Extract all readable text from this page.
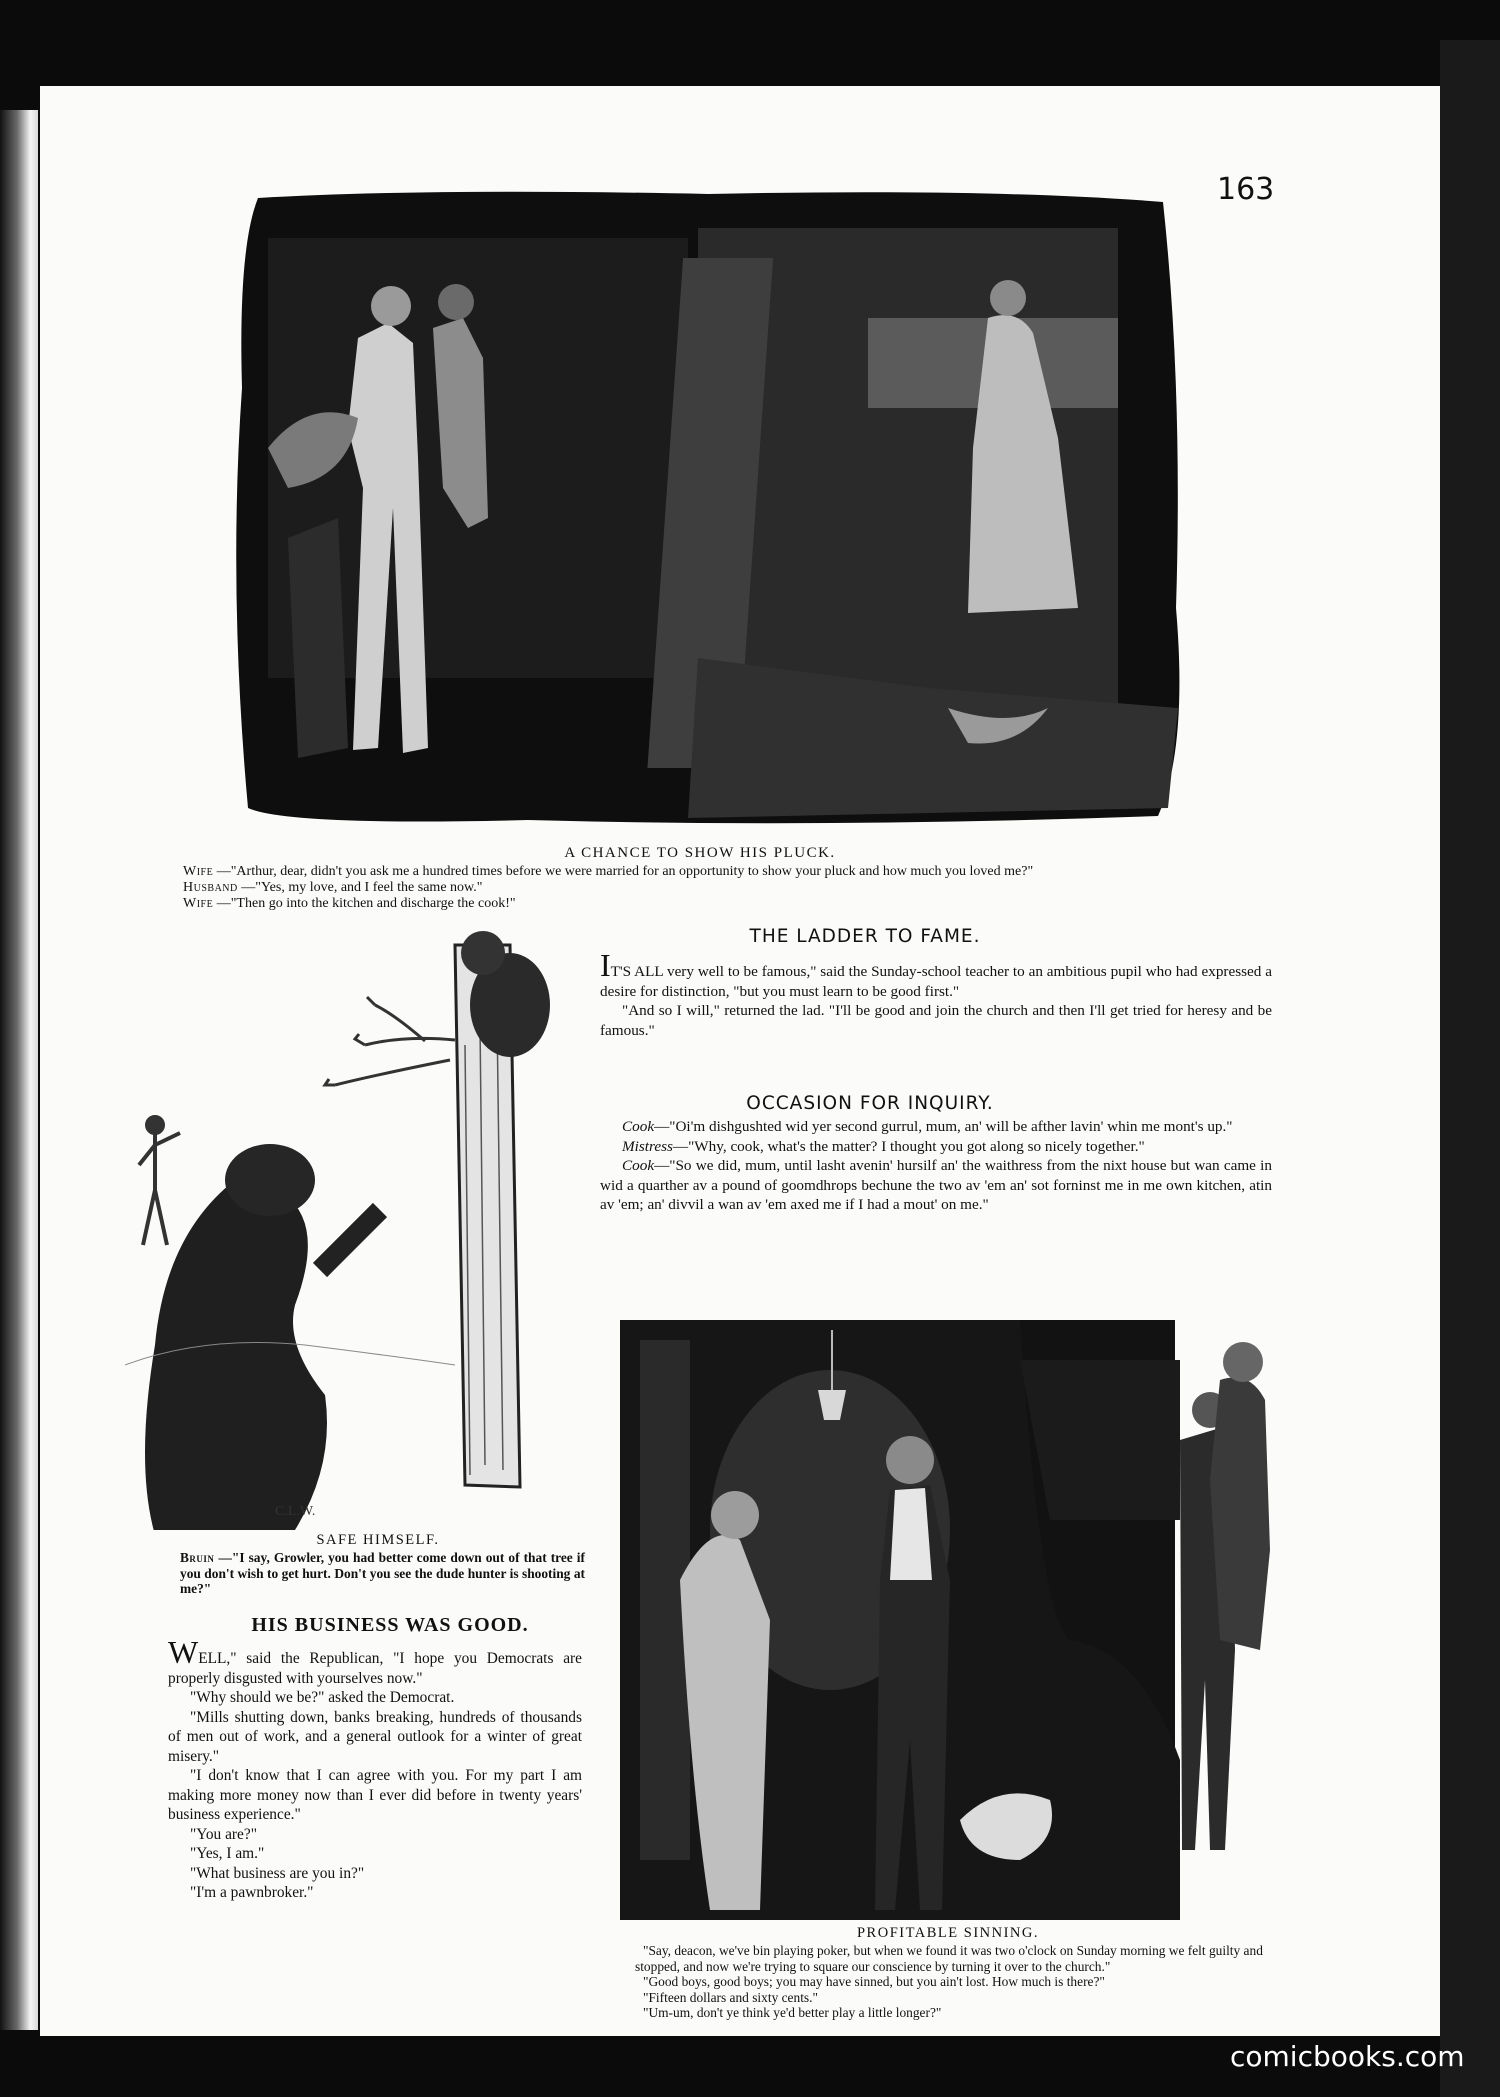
163
A CHANCE TO SHOW HIS PLUCK.
Wife —"Arthur, dear, didn't you ask me a hundred times before we were married for an opportunity to show your pluck and how much you loved me?"
Husband —"Yes, my love, and I feel the same now."
Wife —"Then go into the kitchen and discharge the cook!"
C.L.W.
SAFE HIMSELF.
Bruin —"I say, Growler, you had better come down out of that tree if you don't wish to get hurt. Don't you see the dude hunter is shooting at me?"
THE LADDER TO FAME.

IT'S ALL very well to be famous," said the Sunday-school teacher to an ambitious pupil who had expressed a desire for distinction, "but you must learn to be good first."

"And so I will," returned the lad. "I'll be good and join the church and then I'll get tried for heresy and be famous."

OCCASION FOR INQUIRY.

Cook—"Oi'm dishgushted wid yer second gurrul, mum, an' will be afther lavin' whin me mont's up."

Mistress—"Why, cook, what's the matter? I thought you got along so nicely together."

Cook—"So we did, mum, until lasht avenin' hursilf an' the waithress from the nixt house but wan came in wid a quarther av a pound of goomdhrops bechune the two av 'em an' sot forninst me in me own kitchen, atin av 'em; an' divvil a wan av 'em axed me if I had a mout' on me."

PROFITABLE SINNING.
"Say, deacon, we've bin playing poker, but when we found it was two o'clock on Sunday morning we felt guilty and stopped, and now we're trying to square our conscience by turning it over to the church."
"Good boys, good boys; you may have sinned, but you ain't lost. How much is there?"
"Fifteen dollars and sixty cents."
"Um-um, don't ye think ye'd better play a little longer?"
HIS BUSINESS WAS GOOD.

WELL," said the Republican, "I hope you Democrats are properly disgusted with yourselves now."

"Why should we be?" asked the Democrat.

"Mills shutting down, banks breaking, hundreds of thousands of men out of work, and a general outlook for a winter of great misery."

"I don't know that I can agree with you. For my part I am making more money now than I ever did before in twenty years' business experience."

"You are?"

"Yes, I am."

"What business are you in?"

"I'm a pawnbroker."

comicbooks.com
